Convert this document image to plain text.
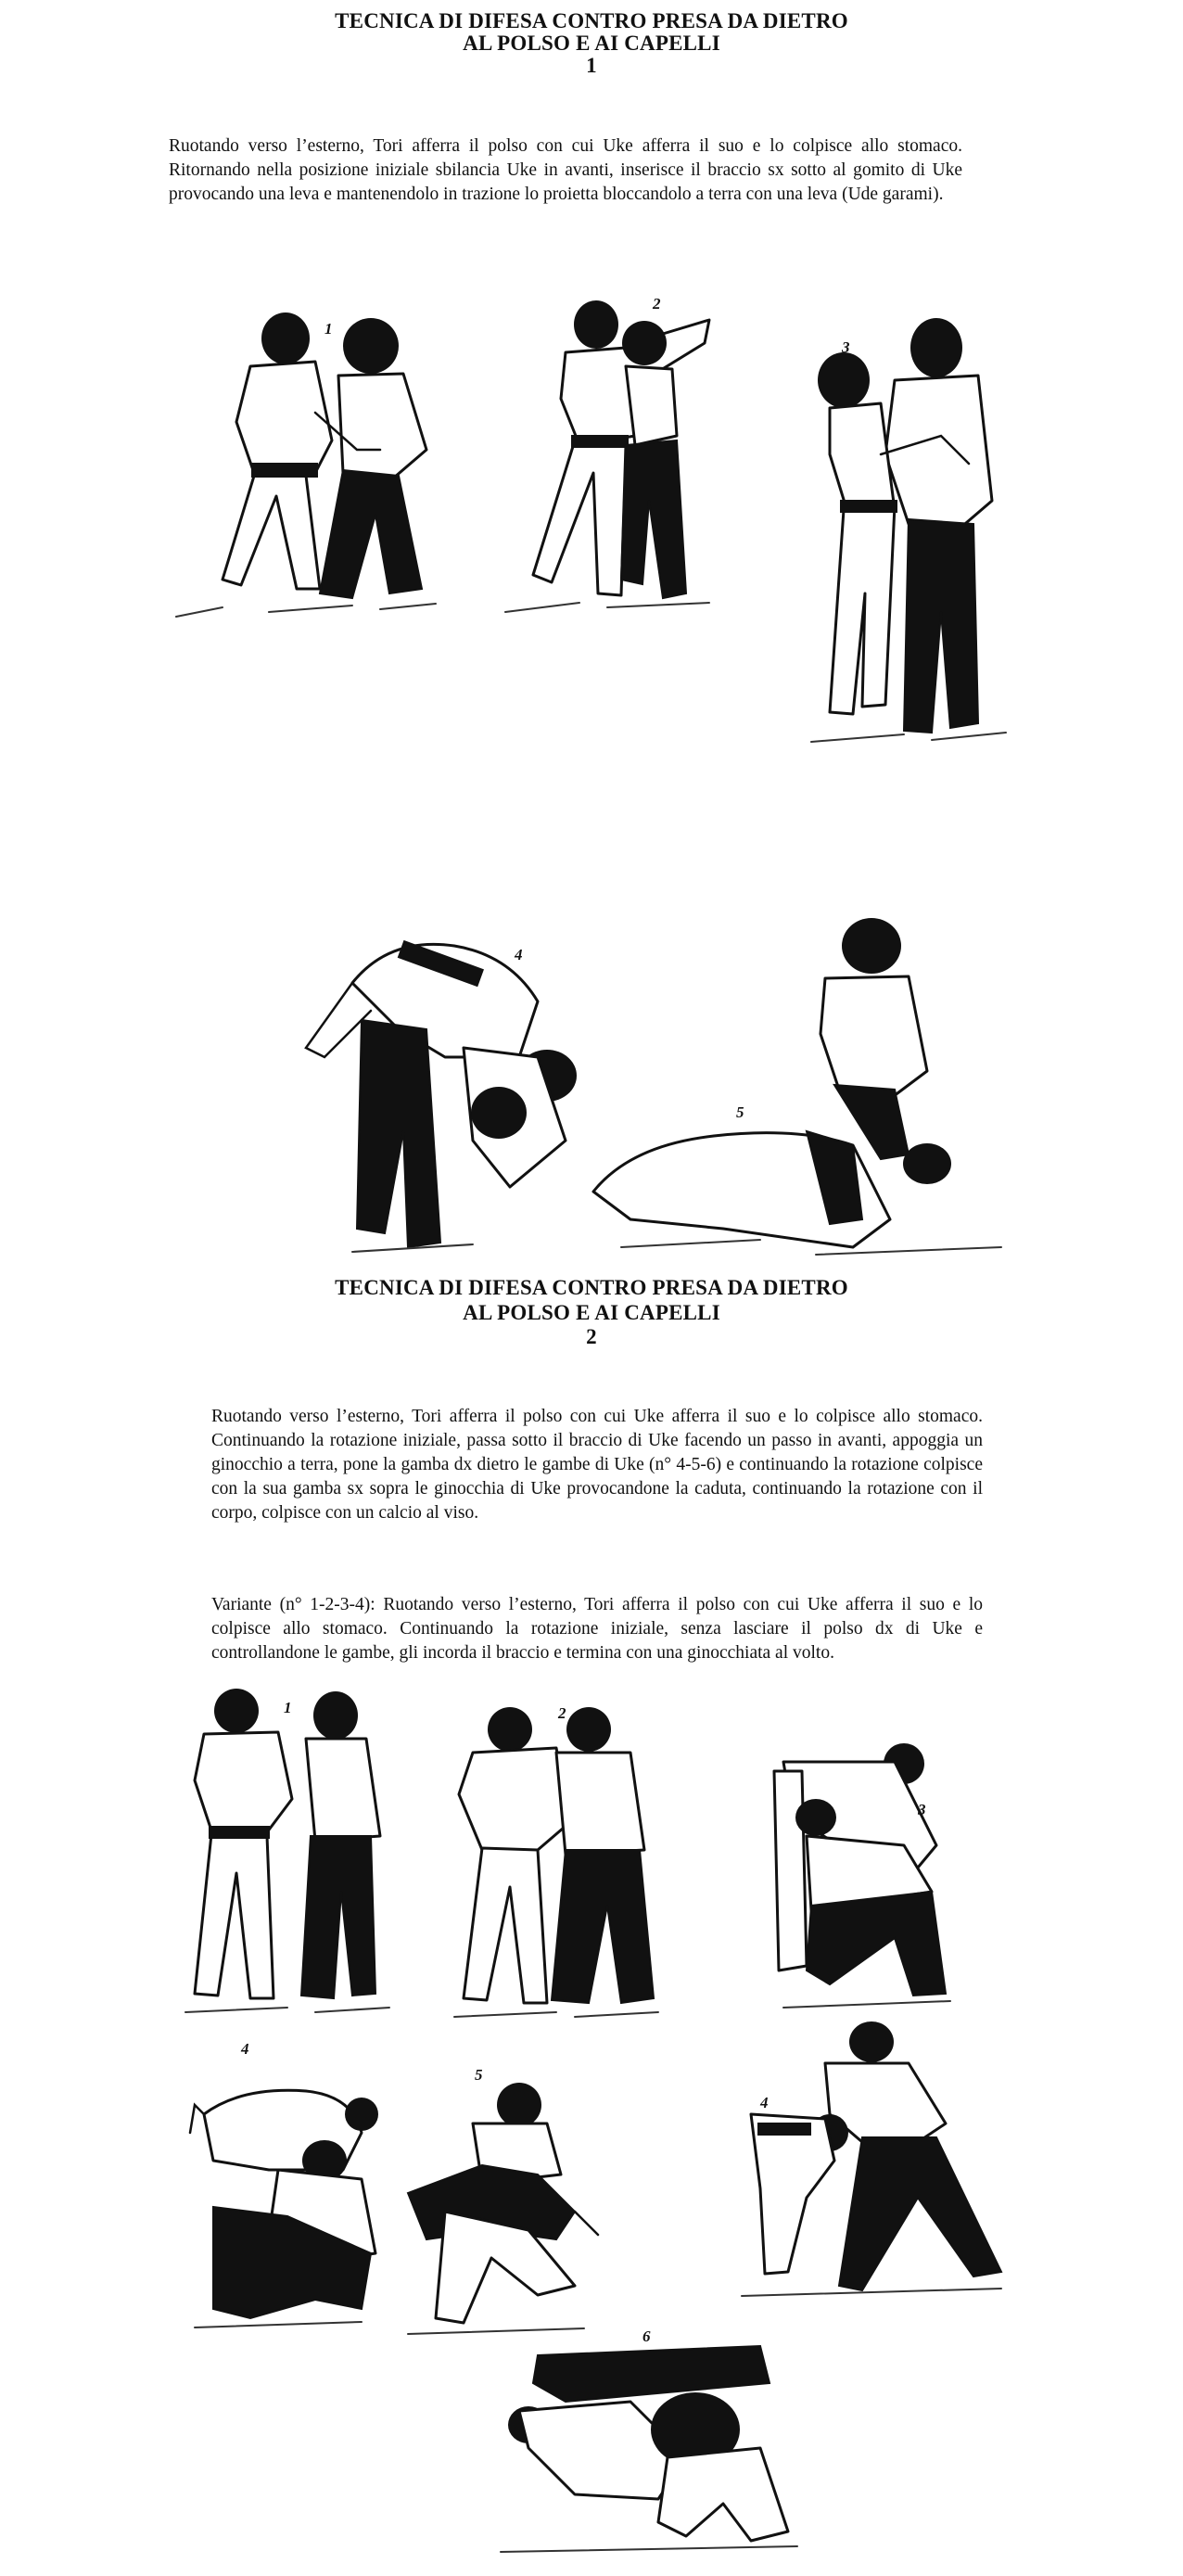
TECNICA DI DIFESA CONTRO PRESA DA DIETRO
AL POLSO E AI CAPELLI
1
Ruotando verso l’esterno, Tori afferra il polso con cui Uke afferra il suo e lo colpisce allo stomaco. Ritornando nella posizione iniziale sbilancia Uke in avanti, inserisce il braccio sx sotto al gomito di Uke provocando una leva e mantenendolo in trazione lo proietta bloccandolo a terra con una leva (Ude garami).
1
2
3
4
5
TECNICA DI DIFESA CONTRO PRESA DA DIETRO
AL POLSO E AI CAPELLI
2
Ruotando verso l’esterno, Tori afferra il polso con cui Uke afferra il suo e lo colpisce allo stomaco. Continuando la rotazione iniziale, passa sotto il braccio di Uke facendo un passo in avanti, appoggia un ginocchio a terra, pone la gamba dx dietro le gambe di Uke (n° 4-5-6) e continuando la rotazione colpisce con la sua gamba sx sopra le ginocchia di Uke provocandone la caduta, continuando la rotazione con il corpo, colpisce con un calcio al viso.
Variante (n° 1-2-3-4): Ruotando verso l’esterno, Tori afferra il polso con cui Uke afferra il suo e lo colpisce allo stomaco. Continuando la rotazione iniziale, senza lasciare il polso dx di Uke e controllandone le gambe, gli incorda il braccio e termina con una ginocchiata al volto.
1	2
3
4
5
4
6
